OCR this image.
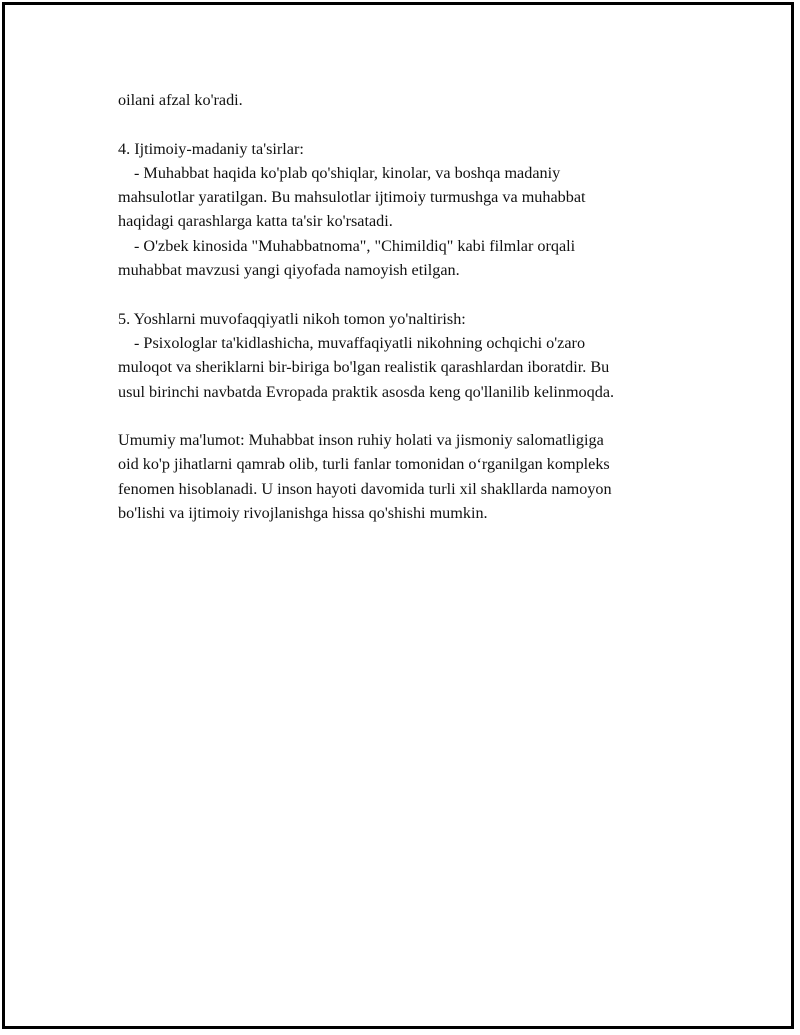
oilani afzal ko'radi.

4. Ijtimoiy-madaniy ta'sirlar:
- Muhabbat haqida ko'plab qo'shiqlar, kinolar, va boshqa madaniy
mahsulotlar yaratilgan. Bu mahsulotlar ijtimoiy turmushga va muhabbat
haqidagi qarashlarga katta ta'sir ko'rsatadi.
- O'zbek kinosida "Muhabbatnoma", "Chimildiq" kabi filmlar orqali
muhabbat mavzusi yangi qiyofada namoyish etilgan.
5. Yoshlarni muvofaqqiyatli nikoh tomon yo'naltirish:
- Psixologlar ta'kidlashicha, muvaffaqiyatli nikohning ochqichi o'zaro
muloqot va sheriklarni bir-biriga bo'lgan realistik qarashlardan iboratdir. Bu
usul birinchi navbatda Evropada praktik asosda keng qo'llanilib kelinmoqda.
Umumiy ma'lumot: Muhabbat inson ruhiy holati va jismoniy salomatligiga
oid ko'p jihatlarni qamrab olib, turli fanlar tomonidan o‘rganilgan kompleks
fenomen hisoblanadi. U inson hayoti davomida turli xil shakllarda namoyon
bo'lishi va ijtimoiy rivojlanishga hissa qo'shishi mumkin.
